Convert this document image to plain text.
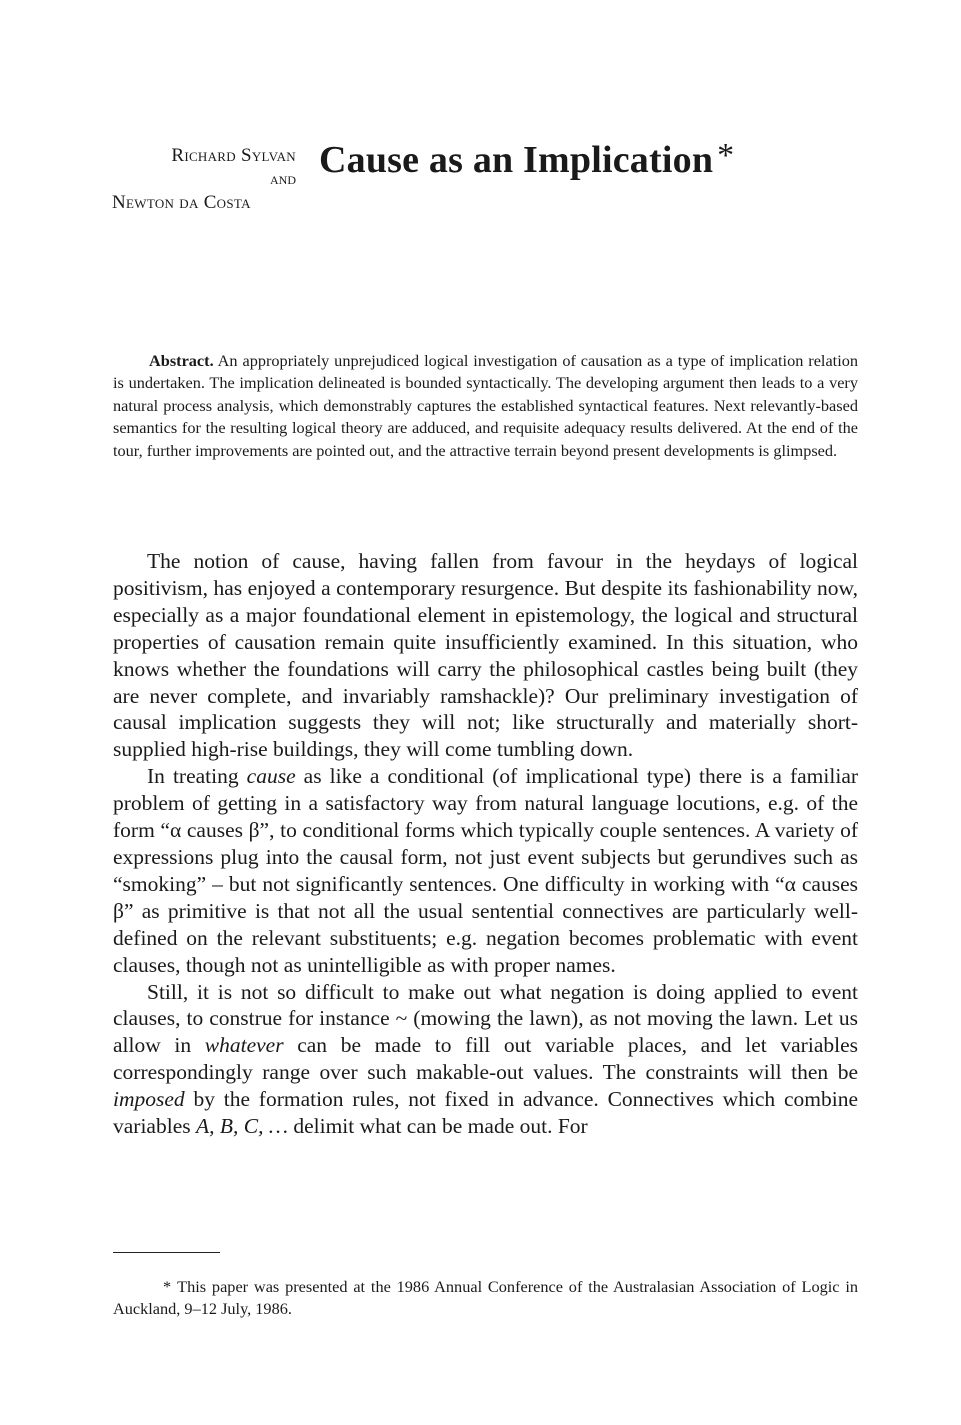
Richard Sylvan
and
Newton da Costa
Cause as an Implication *

Abstract. An appropriately unprejudiced logical investigation of causation as a type of implication relation is undertaken. The implication delineated is bounded syntactically. The developing argument then leads to a very natural process analysis, which demonstrably captures the established syntactical features. Next relevantly-based semantics for the resulting logical theory are adduced, and requisite adequacy results delivered. At the end of the tour, further improvements are pointed out, and the attractive terrain beyond present developments is glimpsed.

The notion of cause, having fallen from favour in the heydays of logical positivism, has enjoyed a contemporary resurgence. But despite its fashionability now, especially as a major foundational element in epistemology, the logical and structural properties of causation remain quite insufficiently examined. In this situation, who knows whether the foundations will carry the philosophical castles being built (they are never complete, and invariably ramshackle)? Our preliminary investigation of causal implication suggests they will not; like structurally and materially short-supplied high-rise buildings, they will come tumbling down.

In treating cause as like a conditional (of implicational type) there is a familiar problem of getting in a satisfactory way from natural language locutions, e.g. of the form “α causes β”, to conditional forms which typically couple sentences. A variety of expressions plug into the causal form, not just event subjects but gerundives such as “smoking” – but not significantly sentences. One difficulty in working with “α causes β” as primitive is that not all the usual sentential connectives are particularly well-defined on the relevant substituents; e.g. negation becomes problematic with event clauses, though not as unintelligible as with proper names.

Still, it is not so difficult to make out what negation is doing applied to event clauses, to construe for instance ~ (mowing the lawn), as not moving the lawn. Let us allow in whatever can be made to fill out variable places, and let variables correspondingly range over such makable-out values. The constraints will then be imposed by the formation rules, not fixed in advance. Connectives which combine variables A, B, C, … delimit what can be made out. For

* This paper was presented at the 1986 Annual Conference of the Australasian Association of Logic in Auckland, 9–12 July, 1986.
